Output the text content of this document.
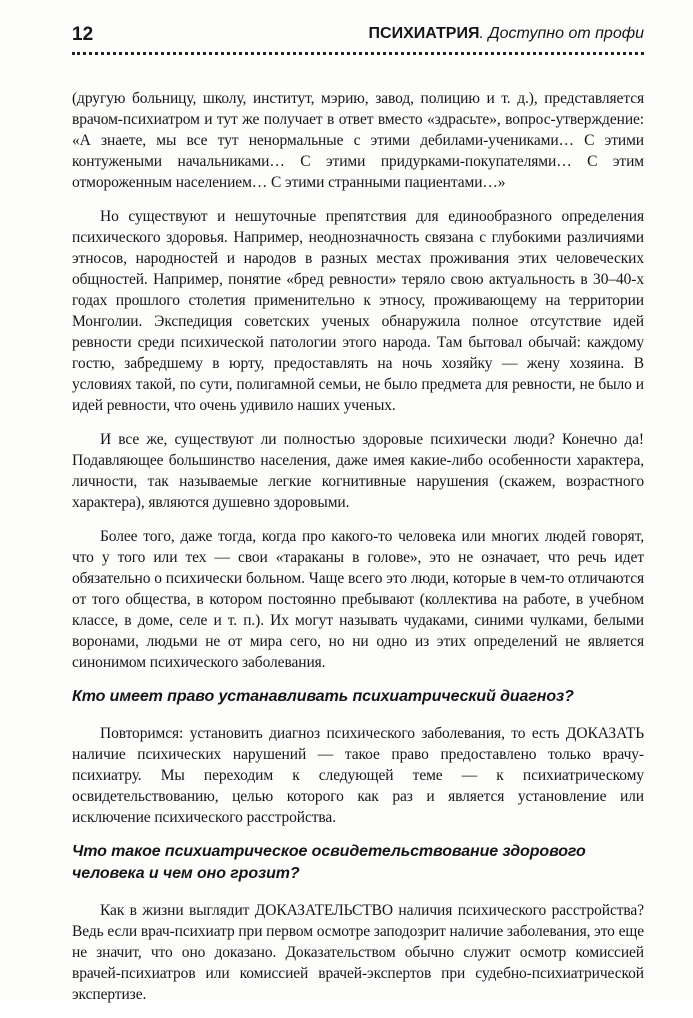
12	ПСИХИАТРИЯ. Доступно от профи

(другую больницу, школу, институт, мэрию, завод, полицию и т. д.), представляется врачом-психиатром и тут же получает в ответ вместо «здрасьте», вопрос-утверждение: «А знаете, мы все тут ненормальные с этими дебилами-учениками… С этими контужеными начальниками… С этими придурками-покупателями… С этим отмороженным населением… С этими странными пациентами…»

Но существуют и нешуточные препятствия для единообразного определения психического здоровья. Например, неоднозначность связана с глубокими различиями этносов, народностей и народов в разных местах проживания этих человеческих общностей. Например, понятие «бред ревности» теряло свою актуальность в 30–40-х годах прошлого столетия применительно к этносу, проживающему на территории Монголии. Экспедиция советских ученых обнаружила полное отсутствие идей ревности среди психической патологии этого народа. Там бытовал обычай: каждому гостю, забредшему в юрту, предоставлять на ночь хозяйку — жену хозяина. В условиях такой, по сути, полигамной семьи, не было предмета для ревности, не было и идей ревности, что очень удивило наших ученых.

И все же, существуют ли полностью здоровые психически люди? Конечно да! Подавляющее большинство населения, даже имея какие-либо особенности характера, личности, так называемые легкие когнитивные нарушения (скажем, возрастного характера), являются душевно здоровыми.

Более того, даже тогда, когда про какого-то человека или многих людей говорят, что у того или тех — свои «тараканы в голове», это не означает, что речь идет обязательно о психически больном. Чаще всего это люди, которые в чем-то отличаются от того общества, в котором постоянно пребывают (коллектива на работе, в учебном классе, в доме, селе и т. п.). Их могут называть чудаками, синими чулками, белыми воронами, людьми не от мира сего, но ни одно из этих определений не является синонимом психического заболевания.

Кто имеет право устанавливать психиатрический диагноз?

Повторимся: установить диагноз психического заболевания, то есть ДОКАЗАТЬ наличие психических нарушений — такое право предоставлено только врачу-психиатру. Мы переходим к следующей теме — к психиатрическому освидетельствованию, целью которого как раз и является установление или исключение психического расстройства.

Что такое психиатрическое освидетельствование здорового человека и чем оно грозит?

Как в жизни выглядит ДОКАЗАТЕЛЬСТВО наличия психического расстройства? Ведь если врач-психиатр при первом осмотре заподозрит наличие заболевания, это еще не значит, что оно доказано. Доказательством обычно служит осмотр комиссией врачей-психиатров или комиссией врачей-экспертов при судебно-психиатрической экспертизе.
